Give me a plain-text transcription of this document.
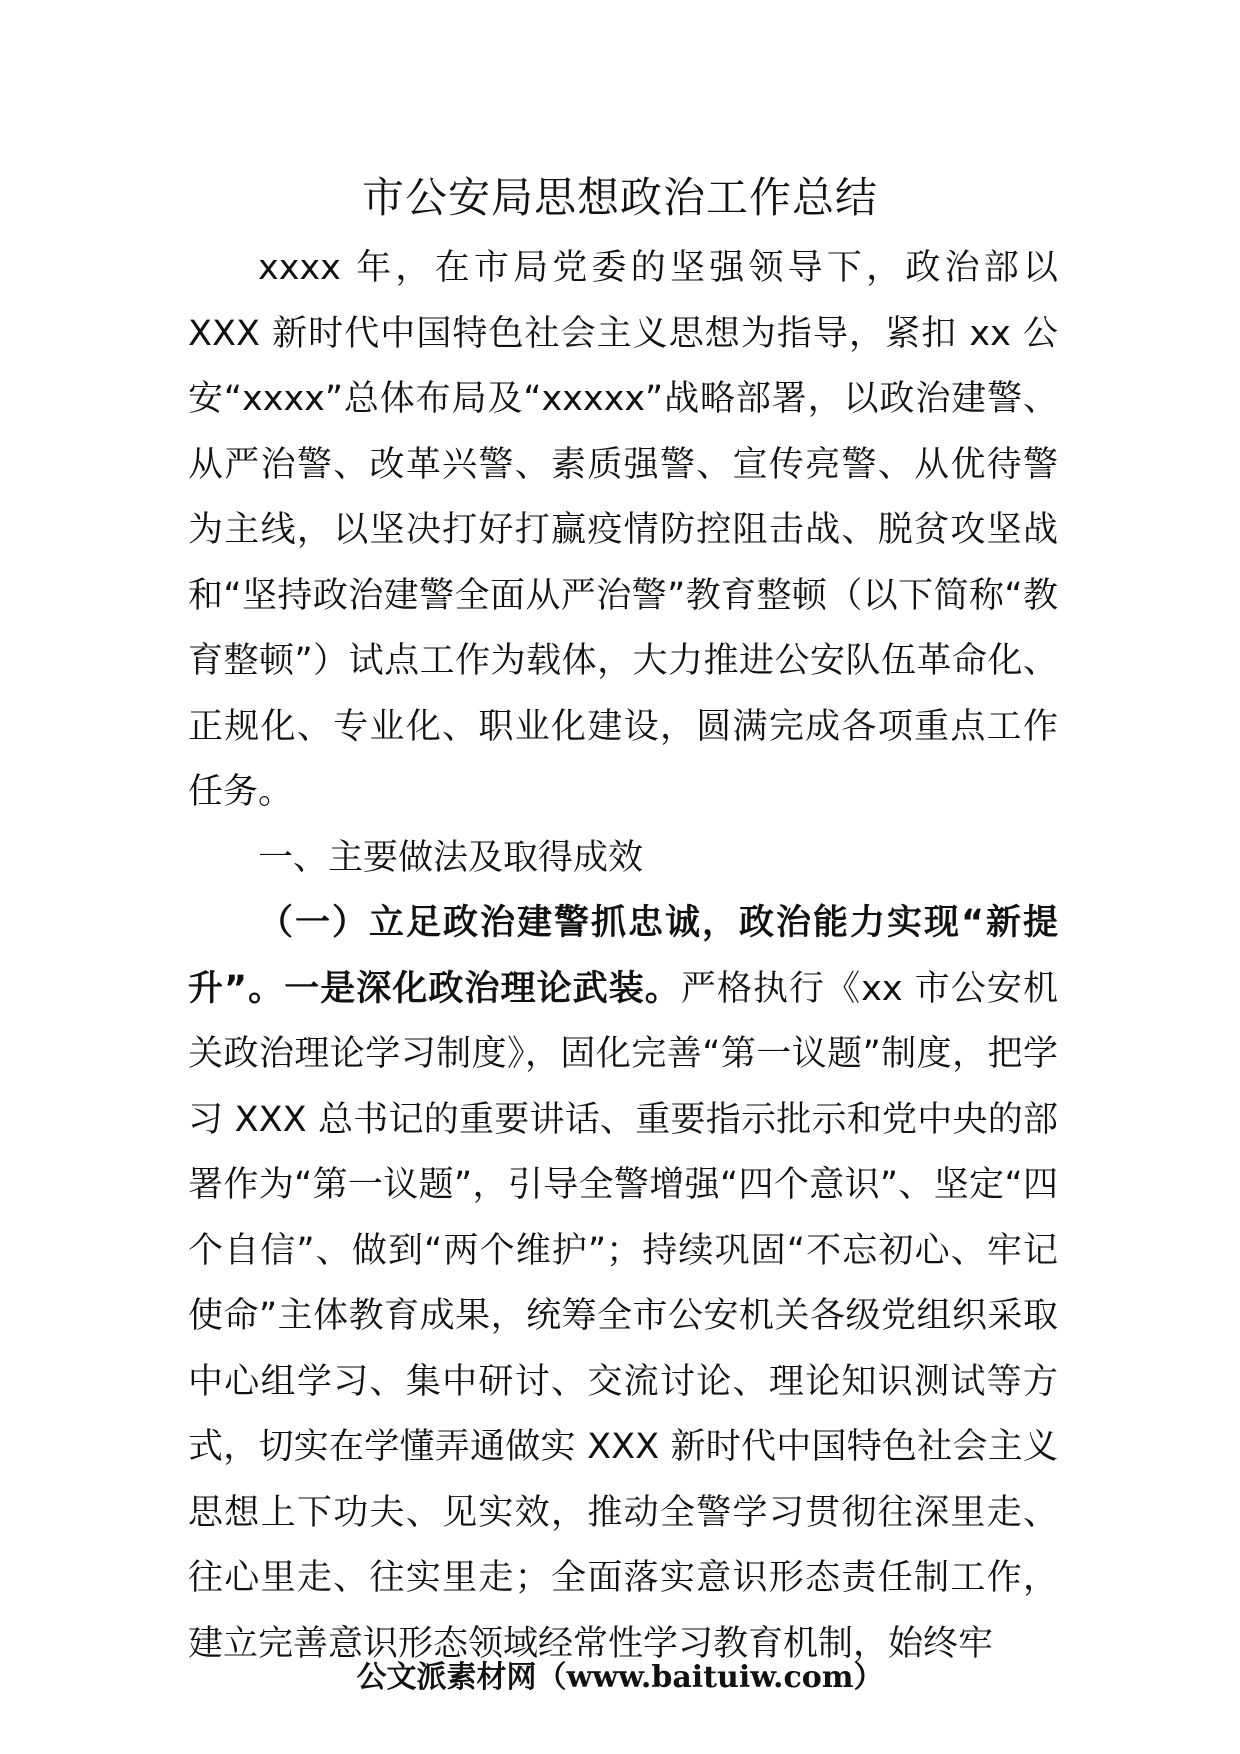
市公安局思想政治工作总结

xxxx 年，在市局党委的坚强领导下，政治部以 XXX 新时代中国特色社会主义思想为指导，紧扣 xx 公安“xxxx”总体布局及“xxxxx”战略部署，以政治建警、从严治警、改革兴警、素质强警、宣传亮警、从优待警为主线，以坚决打好打赢疫情防控阻击战、脱贫攻坚战和“坚持政治建警全面从严治警”教育整顿（以下简称“教育整顿”）试点工作为载体，大力推进公安队伍革命化、正规化、专业化、职业化建设，圆满完成各项重点工作任务。

一、主要做法及取得成效

（一）立足政治建警抓忠诚，政治能力实现“新提升”。一是深化政治理论武装。严格执行《xx 市公安机关政治理论学习制度》，固化完善“第一议题”制度，把学习 XXX 总书记的重要讲话、重要指示批示和党中央的部署作为“第一议题”，引导全警增强“四个意识”、坚定“四个自信”、做到“两个维护”；持续巩固“不忘初心、牢记使命”主体教育成果，统筹全市公安机关各级党组织采取中心组学习、集中研讨、交流讨论、理论知识测试等方式，切实在学懂弄通做实 XXX 新时代中国特色社会主义思想上下功夫、见实效，推动全警学习贯彻往深里走、往心里走、往实里走；全面落实意识形态责任制工作，建立完善意识形态领域经常性学习教育机制，始终牢

公文派素材网（www.baituiw.com）
